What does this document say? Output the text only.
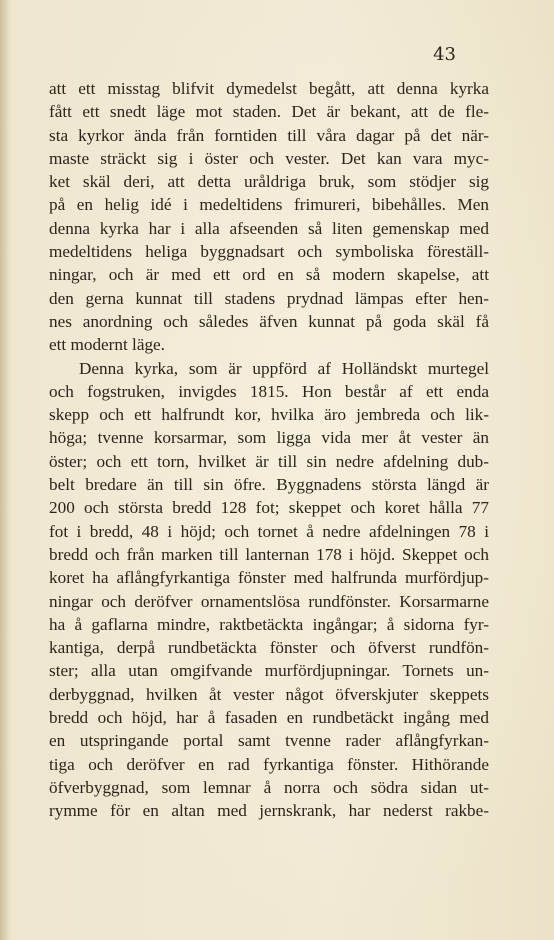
43
att ett misstag blifvit dymedelst begått, att denna kyrka
fått ett snedt läge mot staden. Det är bekant, att de fle-
sta kyrkor ända från forntiden till våra dagar på det när-
maste sträckt sig i öster och vester. Det kan vara myc-
ket skäl deri, att detta uråldriga bruk, som stödjer sig
på en helig idé i medeltidens frimureri, bibehålles. Men
denna kyrka har i alla afseenden så liten gemenskap med
medeltidens heliga byggnadsart och symboliska föreställ-
ningar, och är med ett ord en så modern skapelse, att
den gerna kunnat till stadens prydnad lämpas efter hen-
nes anordning och således äfven kunnat på goda skäl få
ett modernt läge.
Denna kyrka, som är uppförd af Holländskt murtegel
och fogstruken, invigdes 1815. Hon består af ett enda
skepp och ett halfrundt kor, hvilka äro jembreda och lik-
höga; tvenne korsarmar, som ligga vida mer åt vester än
öster; och ett torn, hvilket är till sin nedre afdelning dub-
belt bredare än till sin öfre. Byggnadens största längd är
200 och största bredd 128 fot; skeppet och koret hålla 77
fot i bredd, 48 i höjd; och tornet å nedre afdelningen 78 i
bredd och från marken till lanternan 178 i höjd. Skeppet och
koret ha aflångfyrkantiga fönster med halfrunda murfördjup-
ningar och deröfver ornamentslösa rundfönster. Korsarmarne
ha å gaflarna mindre, raktbetäckta ingångar; å sidorna fyr-
kantiga, derpå rundbetäckta fönster och öfverst rundfön-
ster; alla utan omgifvande murfördjupningar. Tornets un-
derbyggnad, hvilken åt vester något öfverskjuter skeppets
bredd och höjd, har å fasaden en rundbetäckt ingång med
en utspringande portal samt tvenne rader aflångfyrkan-
tiga och deröfver en rad fyrkantiga fönster. Hithörande
öfverbyggnad, som lemnar å norra och södra sidan ut-
rymme för en altan med jernskrank, har nederst rakbe-
